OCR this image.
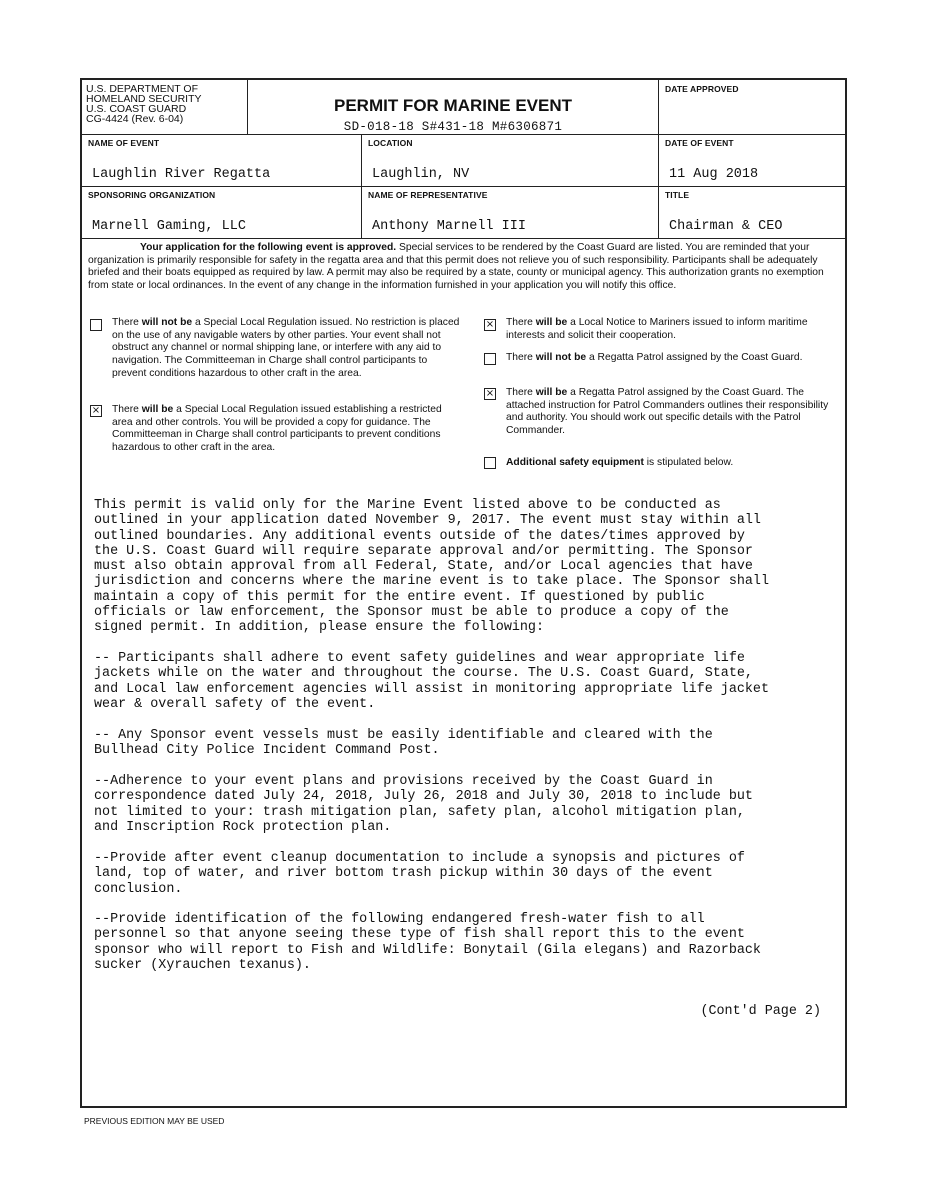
U.S. DEPARTMENT OF
HOMELAND SECURITY
U.S. COAST GUARD
CG-4424 (Rev. 6-04)
PERMIT FOR MARINE EVENT
SD-018-18 S#431-18 M#6306871
DATE APPROVED
NAME OF EVENT
Laughlin River Regatta
LOCATION
Laughlin, NV
DATE OF EVENT
11 Aug 2018
SPONSORING ORGANIZATION
Marnell Gaming, LLC
NAME OF REPRESENTATIVE
Anthony Marnell III
TITLE
Chairman & CEO
Your application for the following event is approved. Special services to be rendered by the Coast Guard are listed. You are reminded that your organization is primarily responsible for safety in the regatta area and that this permit does not relieve you of such responsibility. Participants shall be adequately briefed and their boats equipped as required by law. A permit may also be required by a state, county or municipal agency. This authorization grants no exemption from state or local ordinances. In the event of any change in the information furnished in your application you will notify this office.
There will not be a Special Local Regulation issued. No restriction is placed on the use of any navigable waters by other parties. Your event shall not obstruct any channel or normal shipping lane, or interfere with any aid to navigation. The Committeeman in Charge shall control participants to prevent conditions hazardous to other craft in the area.
× There will be a Special Local Regulation issued establishing a restricted area and other controls. You will be provided a copy for guidance. The Committeeman in Charge shall control participants to prevent conditions hazardous to other craft in the area.
× There will be a Local Notice to Mariners issued to inform maritime interests and solicit their cooperation.
There will not be a Regatta Patrol assigned by the Coast Guard.
× There will be a Regatta Patrol assigned by the Coast Guard. The attached instruction for Patrol Commanders outlines their responsibility and authority. You should work out specific details with the Patrol Commander.
Additional safety equipment is stipulated below.
This permit is valid only for the Marine Event listed above to be conducted as
outlined in your application dated November 9, 2017. The event must stay within all
outlined boundaries. Any additional events outside of the dates/times approved by
the U.S. Coast Guard will require separate approval and/or permitting. The Sponsor
must also obtain approval from all Federal, State, and/or Local agencies that have
jurisdiction and concerns where the marine event is to take place. The Sponsor shall
maintain a copy of this permit for the entire event. If questioned by public
officials or law enforcement, the Sponsor must be able to produce a copy of the
signed permit. In addition, please ensure the following:
-- Participants shall adhere to event safety guidelines and wear appropriate life
jackets while on the water and throughout the course. The U.S. Coast Guard, State,
and Local law enforcement agencies will assist in monitoring appropriate life jacket
wear & overall safety of the event.
-- Any Sponsor event vessels must be easily identifiable and cleared with the
Bullhead City Police Incident Command Post.
--Adherence to your event plans and provisions received by the Coast Guard in
correspondence dated July 24, 2018, July 26, 2018 and July 30, 2018 to include but
not limited to your: trash mitigation plan, safety plan, alcohol mitigation plan,
and Inscription Rock protection plan.
--Provide after event cleanup documentation to include a synopsis and pictures of
land, top of water, and river bottom trash pickup within 30 days of the event
conclusion.
--Provide identification of the following endangered fresh-water fish to all
personnel so that anyone seeing these type of fish shall report this to the event
sponsor who will report to Fish and Wildlife: Bonytail (Gila elegans) and Razorback
sucker (Xyrauchen texanus).
(Cont'd Page 2)
PREVIOUS EDITION MAY BE USED
